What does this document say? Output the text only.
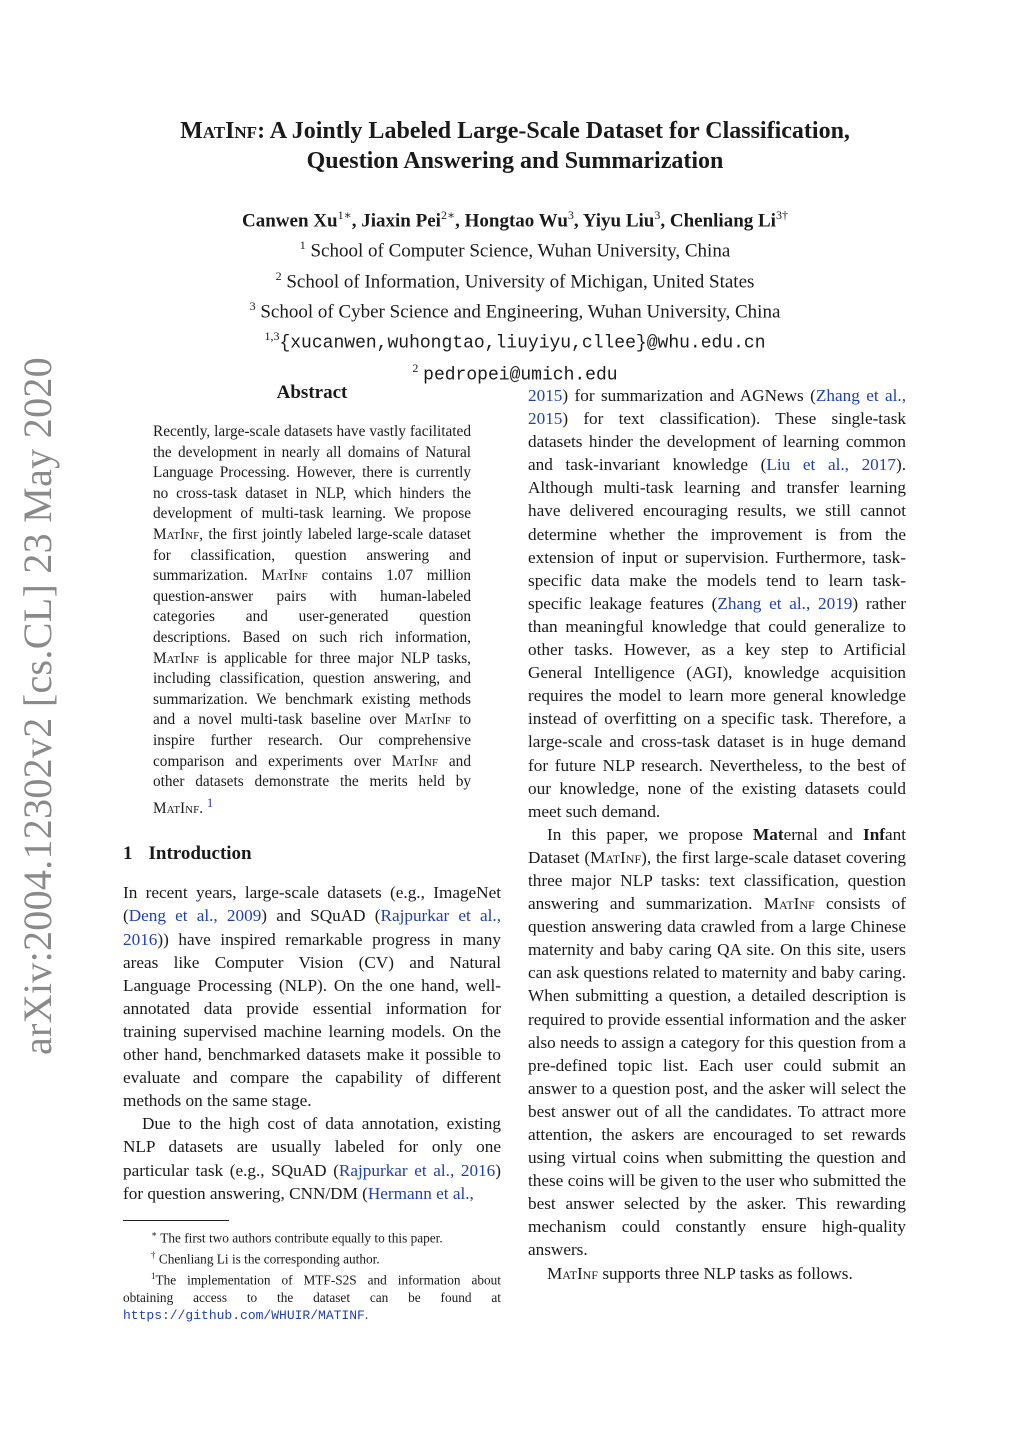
arXiv:2004.12302v2 [cs.CL] 23 May 2020
MatInf: A Jointly Labeled Large-Scale Dataset for Classification,
Question Answering and Summarization
Canwen $Xu^{1∗}$, Jiaxin Pei$^{2∗}$, Hongtao Wu$^3$, Yiyu Liu$^3$, Chenliang $Li^{3\dagger}$
$^1$ School of Computer Science, Wuhan University, China
$^2$ School of Information, University of Michigan, United States
$^3$ School of Cyber Science and Engineering, Wuhan University, China
$^{1,3}${xucanwen,wuhongtao,liuyiyu,cllee}@whu.edu.cn
$^2$ pedropei@umich.edu
Abstract

Recently, large-scale datasets have vastly facilitated the development in nearly all domains of Natural Language Processing. However, there is currently no cross-task dataset in NLP, which hinders the development of multi-task learning. We propose MatInf, the first jointly labeled large-scale dataset for classification, question answering and summarization. MatInf contains 1.07 million question-answer pairs with human-labeled categories and user-generated question descriptions. Based on such rich information, MatInf is applicable for three major NLP tasks, including classification, question answering, and summarization. We benchmark existing methods and a novel multi-task baseline over MatInf to inspire further research. Our comprehensive comparison and experiments over MatInf and other datasets demonstrate the merits held by MatInf. $^1$

1 Introduction

In recent years, large-scale datasets (e.g., ImageNet (Deng et al., 2009) and SQuAD (Rajpurkar et al., 2016)) have inspired remarkable progress in many areas like Computer Vision (CV) and Natural Language Processing (NLP). On the one hand, well-annotated data provide essential information for training supervised machine learning models. On the other hand, benchmarked datasets make it possible to evaluate and compare the capability of different methods on the same stage.

Due to the high cost of data annotation, existing NLP datasets are usually labeled for only one particular task (e.g., SQuAD (Rajpurkar et al., 2016) for question answering, CNN/DM (Hermann et al.,

∗ The first two authors contribute equally to this paper.

† Chenliang Li is the corresponding author.

$^1$The implementation of MTF-S2S and information about obtaining access to the dataset can be found at https://github.com/WHUIR/MATINF.

2015) for summarization and AGNews (Zhang et al., 2015) for text classification). These single-task datasets hinder the development of learning common and task-invariant knowledge (Liu et al., 2017). Although multi-task learning and transfer learning have delivered encouraging results, we still cannot determine whether the improvement is from the extension of input or supervision. Furthermore, task-specific data make the models tend to learn task-specific leakage features (Zhang et al., 2019) rather than meaningful knowledge that could generalize to other tasks. However, as a key step to Artificial General Intelligence (AGI), knowledge acquisition requires the model to learn more general knowledge instead of overfitting on a specific task. Therefore, a large-scale and cross-task dataset is in huge demand for future NLP research. Nevertheless, to the best of our knowledge, none of the existing datasets could meet such demand.

In this paper, we propose Maternal and Infant Dataset (MatInf), the first large-scale dataset covering three major NLP tasks: text classification, question answering and summarization. MatInf consists of question answering data crawled from a large Chinese maternity and baby caring QA site. On this site, users can ask questions related to maternity and baby caring. When submitting a question, a detailed description is required to provide essential information and the asker also needs to assign a category for this question from a pre-defined topic list. Each user could submit an answer to a question post, and the asker will select the best answer out of all the candidates. To attract more attention, the askers are encouraged to set rewards using virtual coins when submitting the question and these coins will be given to the user who submitted the best answer selected by the asker. This rewarding mechanism could constantly ensure high-quality answers.

MatInf supports three NLP tasks as follows.
